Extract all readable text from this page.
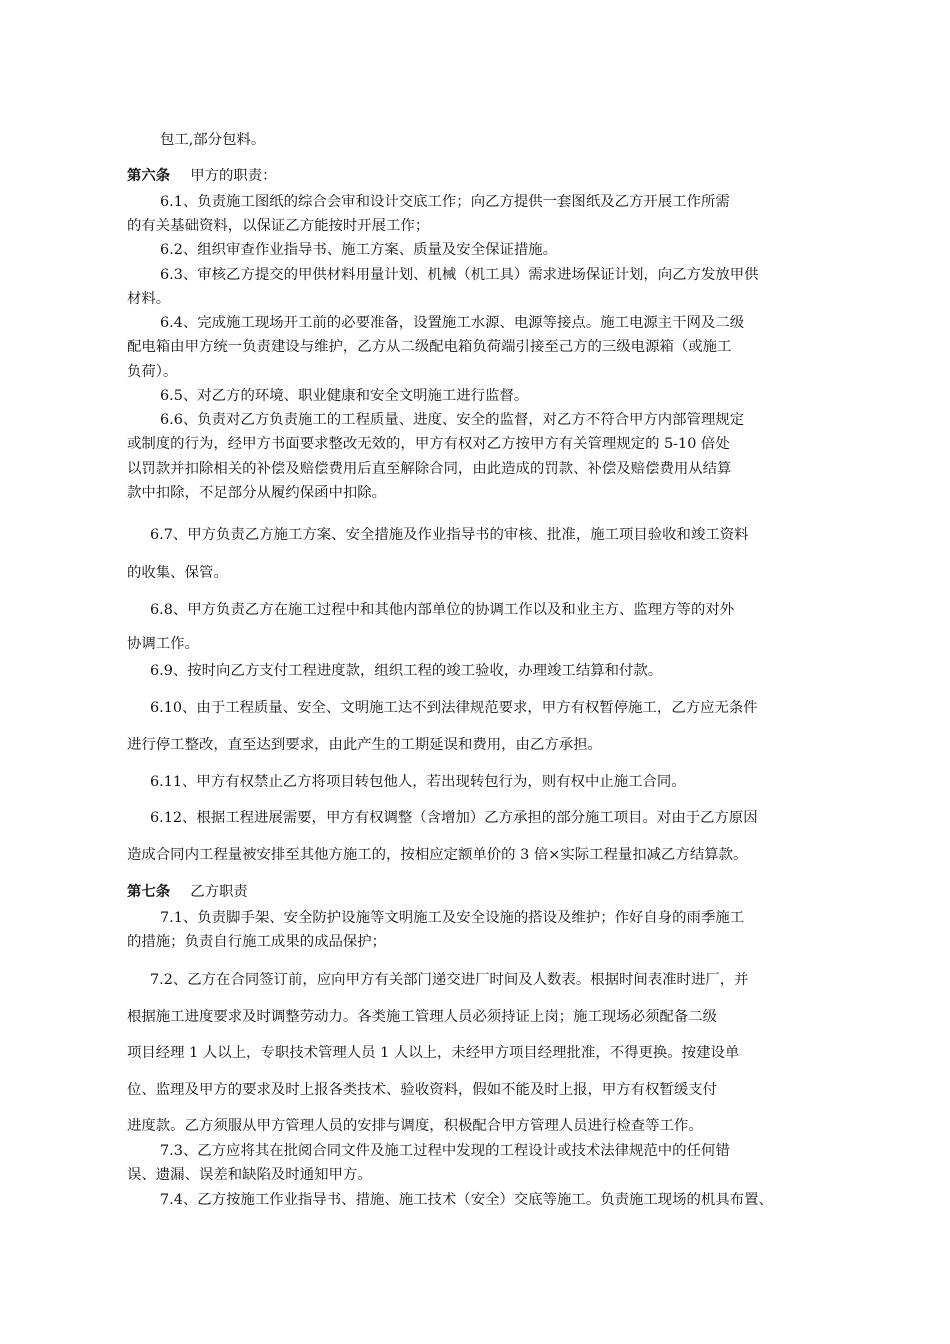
包工,部分包料。

第六条 甲方的职责：

6.1、负责施工图纸的综合会审和设计交底工作；向乙方提供一套图纸及乙方开展工作所需

的有关基础资料，以保证乙方能按时开展工作；

6.2、组织审查作业指导书、施工方案、质量及安全保证措施。

6.3、审核乙方提交的甲供材料用量计划、机械（机工具）需求进场保证计划，向乙方发放甲供

材料。

6.4、完成施工现场开工前的必要准备，设置施工水源、电源等接点。施工电源主干网及二级

配电箱由甲方统一负责建设与维护，乙方从二级配电箱负荷端引接至己方的三级电源箱（或施工

负荷）。

6.5、对乙方的环境、职业健康和安全文明施工进行监督。

6.6、负责对乙方负责施工的工程质量、进度、安全的监督，对乙方不符合甲方内部管理规定

或制度的行为，经甲方书面要求整改无效的，甲方有权对乙方按甲方有关管理规定的 5-10 倍处

以罚款并扣除相关的补偿及赔偿费用后直至解除合同，由此造成的罚款、补偿及赔偿费用从结算

款中扣除，不足部分从履约保函中扣除。

6.7、甲方负责乙方施工方案、安全措施及作业指导书的审核、批准，施工项目验收和竣工资料

的收集、保管。

6.8、甲方负责乙方在施工过程中和其他内部单位的协调工作以及和业主方、监理方等的对外

协调工作。

6.9、按时向乙方支付工程进度款，组织工程的竣工验收，办理竣工结算和付款。

6.10、由于工程质量、安全、文明施工达不到法律规范要求，甲方有权暂停施工，乙方应无条件

进行停工整改，直至达到要求，由此产生的工期延误和费用，由乙方承担。

6.11、甲方有权禁止乙方将项目转包他人，若出现转包行为，则有权中止施工合同。

6.12、根据工程进展需要，甲方有权调整（含增加）乙方承担的部分施工项目。对由于乙方原因

造成合同内工程量被安排至其他方施工的，按相应定额单价的 3 倍×实际工程量扣减乙方结算款。

第七条 乙方职责

7.1、负责脚手架、安全防护设施等文明施工及安全设施的搭设及维护；作好自身的雨季施工

的措施；负责自行施工成果的成品保护；

7.2、乙方在合同签订前，应向甲方有关部门递交进厂时间及人数表。根据时间表准时进厂，并

根据施工进度要求及时调整劳动力。各类施工管理人员必须持证上岗；施工现场必须配备二级

项目经理 1 人以上，专职技术管理人员 1 人以上，未经甲方项目经理批准，不得更换。按建设单

位、监理及甲方的要求及时上报各类技术、验收资料，假如不能及时上报，甲方有权暂缓支付

进度款。乙方须服从甲方管理人员的安排与调度，积极配合甲方管理人员进行检查等工作。

7.3、乙方应将其在批阅合同文件及施工过程中发现的工程设计或技术法律规范中的任何错

误、遗漏、误差和缺陷及时通知甲方。

7.4、乙方按施工作业指导书、措施、施工技术（安全）交底等施工。负责施工现场的机具布置、
